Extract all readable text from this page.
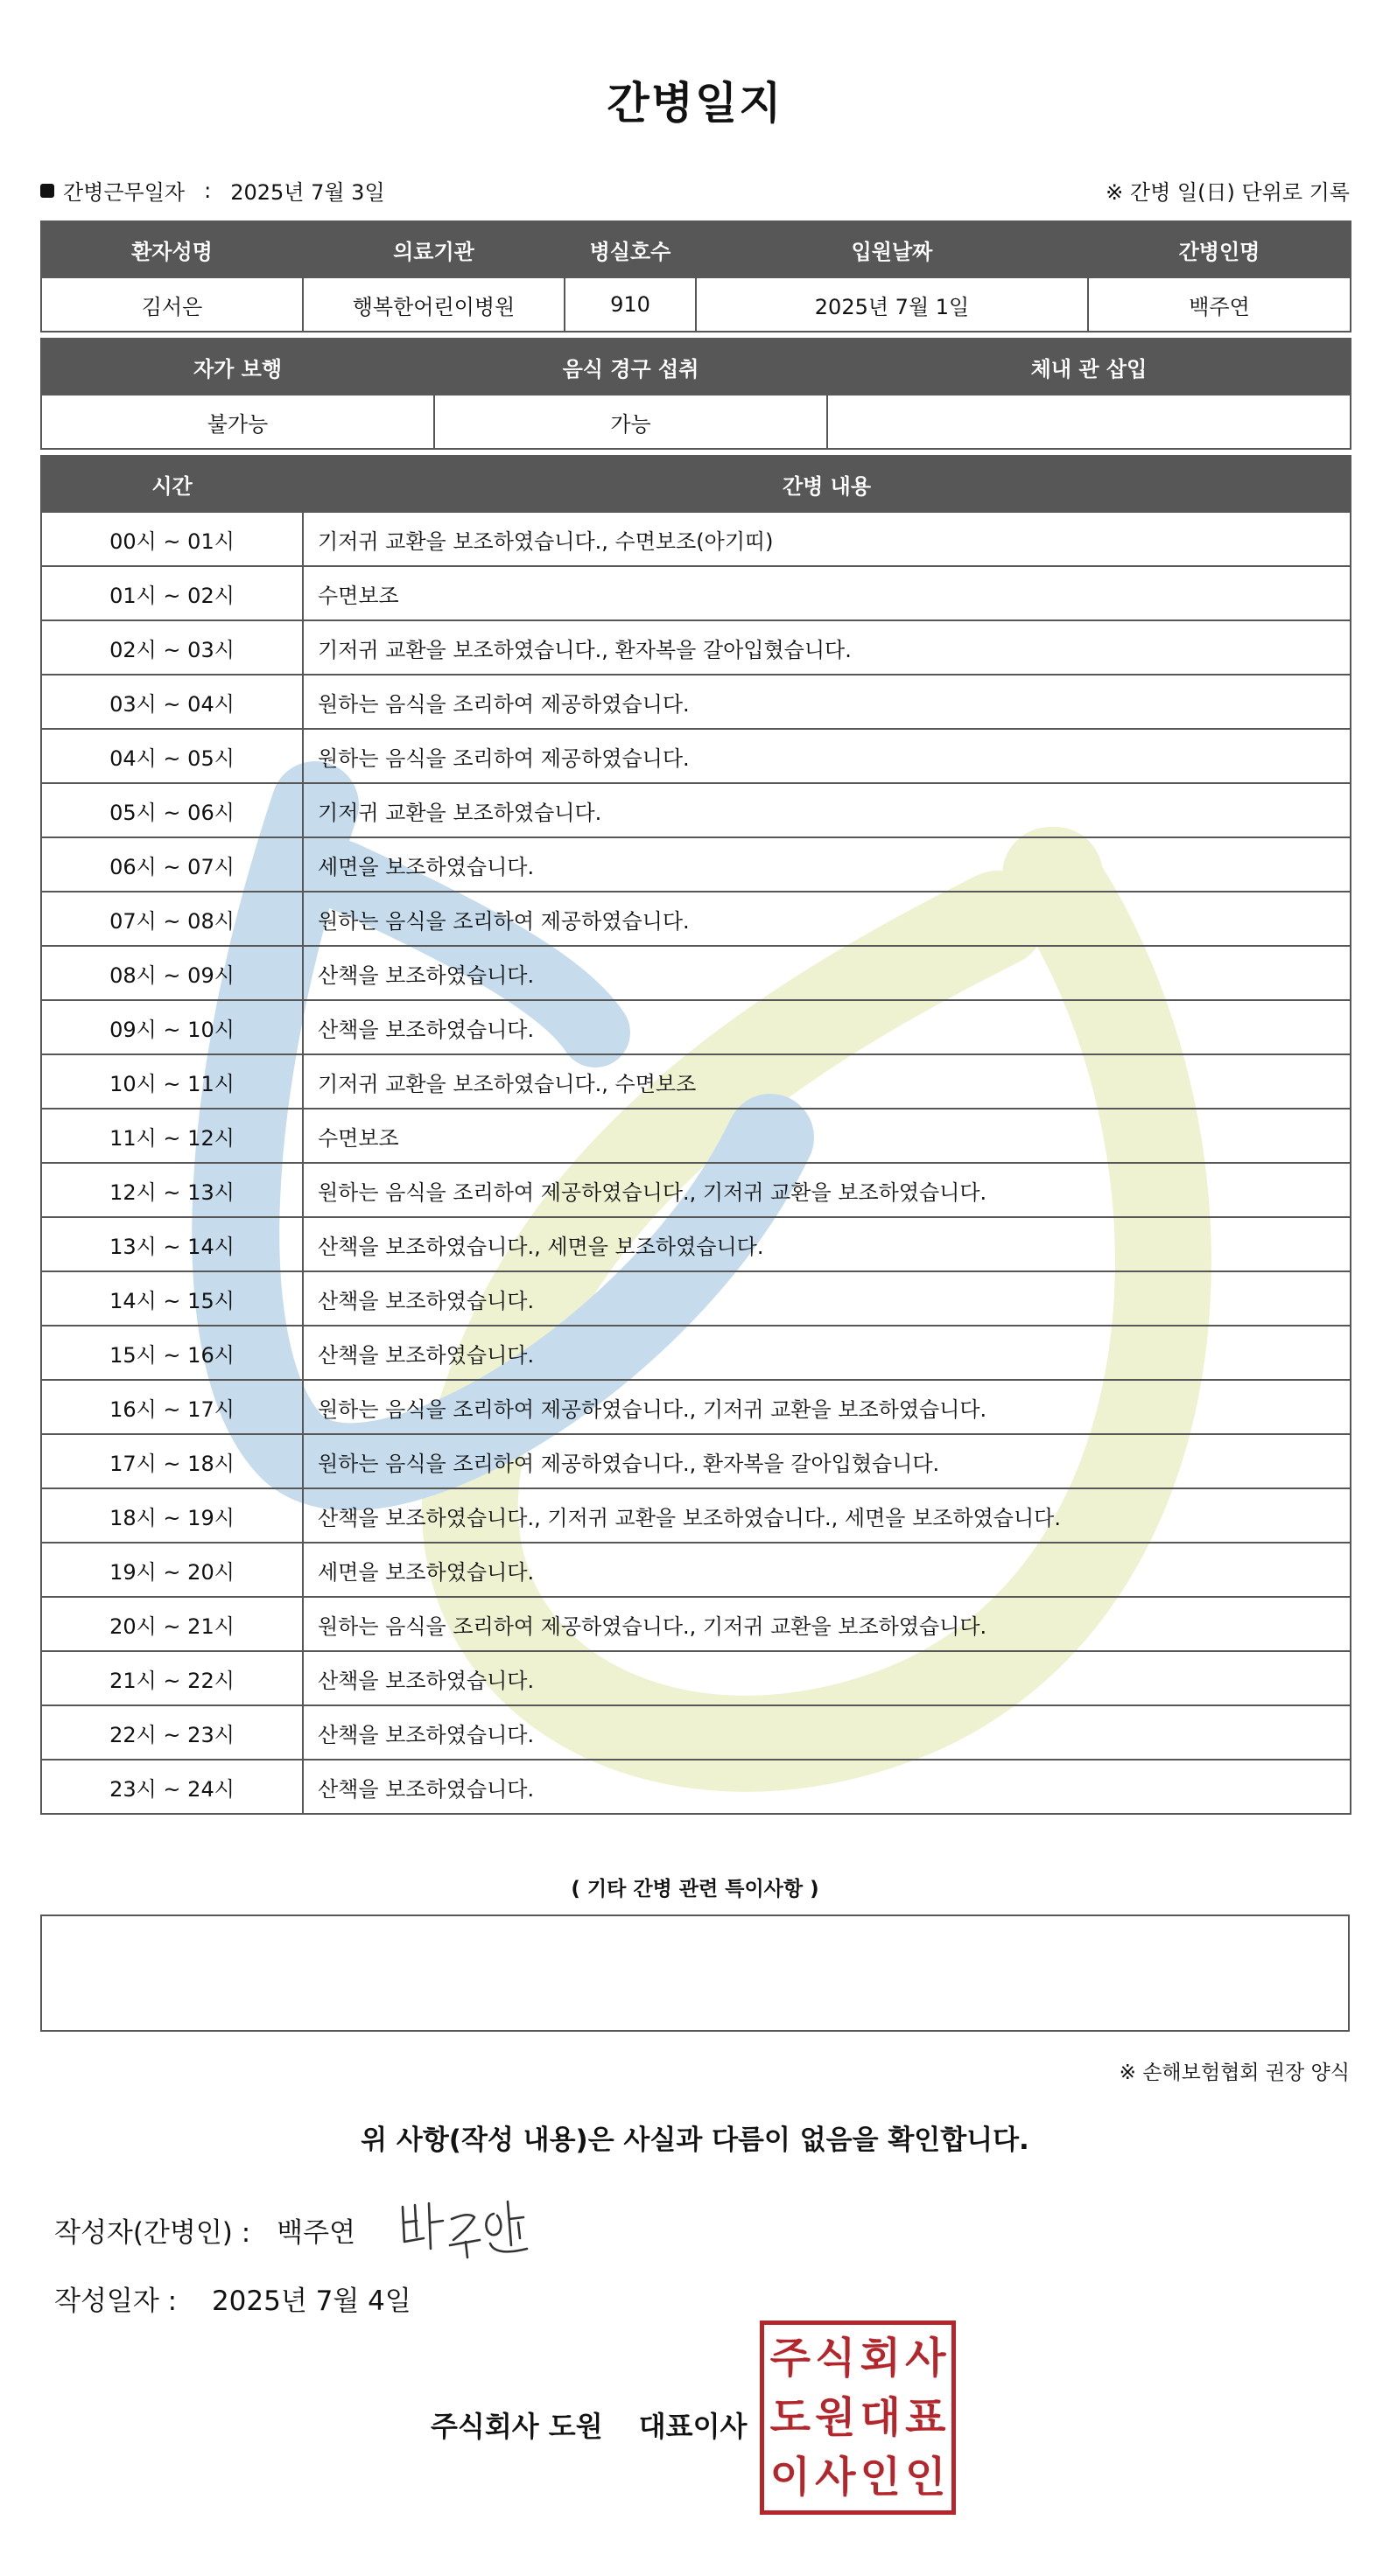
간병일지
간병근무일자 : 2025년 7월 3일	※ 간병 일(日) 단위로 기록
환자성명	의료기관	병실호수	입원날짜	간병인명
김서은	행복한어린이병원	910	2025년 7월 1일	백주연
자가 보행	음식 경구 섭취	체내 관 삽입
불가능	가능	
시간	간병 내용
00시 ~ 01시	기저귀 교환을 보조하였습니다., 수면보조(아기띠)
01시 ~ 02시	수면보조
02시 ~ 03시	기저귀 교환을 보조하였습니다., 환자복을 갈아입혔습니다.
03시 ~ 04시	원하는 음식을 조리하여 제공하였습니다.
04시 ~ 05시	원하는 음식을 조리하여 제공하였습니다.
05시 ~ 06시	기저귀 교환을 보조하였습니다.
06시 ~ 07시	세면을 보조하였습니다.
07시 ~ 08시	원하는 음식을 조리하여 제공하였습니다.
08시 ~ 09시	산책을 보조하였습니다.
09시 ~ 10시	산책을 보조하였습니다.
10시 ~ 11시	기저귀 교환을 보조하였습니다., 수면보조
11시 ~ 12시	수면보조
12시 ~ 13시	원하는 음식을 조리하여 제공하였습니다., 기저귀 교환을 보조하였습니다.
13시 ~ 14시	산책을 보조하였습니다., 세면을 보조하였습니다.
14시 ~ 15시	산책을 보조하였습니다.
15시 ~ 16시	산책을 보조하였습니다.
16시 ~ 17시	원하는 음식을 조리하여 제공하였습니다., 기저귀 교환을 보조하였습니다.
17시 ~ 18시	원하는 음식을 조리하여 제공하였습니다., 환자복을 갈아입혔습니다.
18시 ~ 19시	산책을 보조하였습니다., 기저귀 교환을 보조하였습니다., 세면을 보조하였습니다.
19시 ~ 20시	세면을 보조하였습니다.
20시 ~ 21시	원하는 음식을 조리하여 제공하였습니다., 기저귀 교환을 보조하였습니다.
21시 ~ 22시	산책을 보조하였습니다.
22시 ~ 23시	산책을 보조하였습니다.
23시 ~ 24시	산책을 보조하였습니다.
( 기타 간병 관련 특이사항 )
※ 손해보험협회 권장 양식
위 사항(작성 내용)은 사실과 다름이 없음을 확인합니다.
작성자(간병인) : 백주연
작성일자 : 2025년 7월 4일
주식회사 도원 대표이사
주 식 회 사
도 원 대 표
이 사 인 인
